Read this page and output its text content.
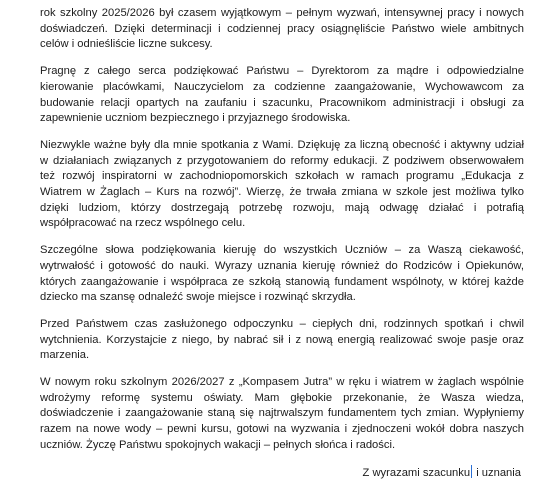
rok szkolny 2025/2026 był czasem wyjątkowym – pełnym wyzwań, intensywnej pracy i nowych doświadczeń. Dzięki determinacji i codziennej pracy osiągnęliście Państwo wiele ambitnych celów i odnieśliście liczne sukcesy.

Pragnę z całego serca podziękować Państwu – Dyrektorom za mądre i odpowiedzialne kierowanie placówkami, Nauczycielom za codzienne zaangażowanie, Wychowawcom za budowanie relacji opartych na zaufaniu i szacunku, Pracownikom administracji i obsługi za zapewnienie uczniom bezpiecznego i przyjaznego środowiska.

Niezwykle ważne były dla mnie spotkania z Wami. Dziękuję za liczną obecność i aktywny udział w działaniach związanych z przygotowaniem do reformy edukacji. Z podziwem obserwowałem też rozwój inspiratorni w zachodniopomorskich szkołach w ramach programu „Edukacja z Wiatrem w Żaglach – Kurs na rozwój”. Wierzę, że trwała zmiana w szkole jest możliwa tylko dzięki ludziom, którzy dostrzegają potrzebę rozwoju, mają odwagę działać i potrafią współpracować na rzecz wspólnego celu.

Szczególne słowa podziękowania kieruję do wszystkich Uczniów – za Waszą ciekawość, wytrwałość i gotowość do nauki. Wyrazy uznania kieruję również do Rodziców i Opiekunów, których zaangażowanie i współpraca ze szkołą stanowią fundament wspólnoty, w której każde dziecko ma szansę odnaleźć swoje miejsce i rozwinąć skrzydła.

Przed Państwem czas zasłużonego odpoczynku – ciepłych dni, rodzinnych spotkań i chwil wytchnienia. Korzystajcie z niego, by nabrać sił i z nową energią realizować swoje pasje oraz marzenia.

W nowym roku szkolnym 2026/2027 z „Kompasem Jutra” w ręku i wiatrem w żaglach wspólnie wdrożymy reformę systemu oświaty. Mam głębokie przekonanie, że Wasza wiedza, doświadczenie i zaangażowanie staną się najtrwalszym fundamentem tych zmian. Wypłyniemy razem na nowe wody – pewni kursu, gotowi na wyzwania i zjednoczeni wokół dobra naszych uczniów. Życzę Państwu spokojnych wakacji – pełnych słońca i radości.

Z wyrazami szacunku i uznania
